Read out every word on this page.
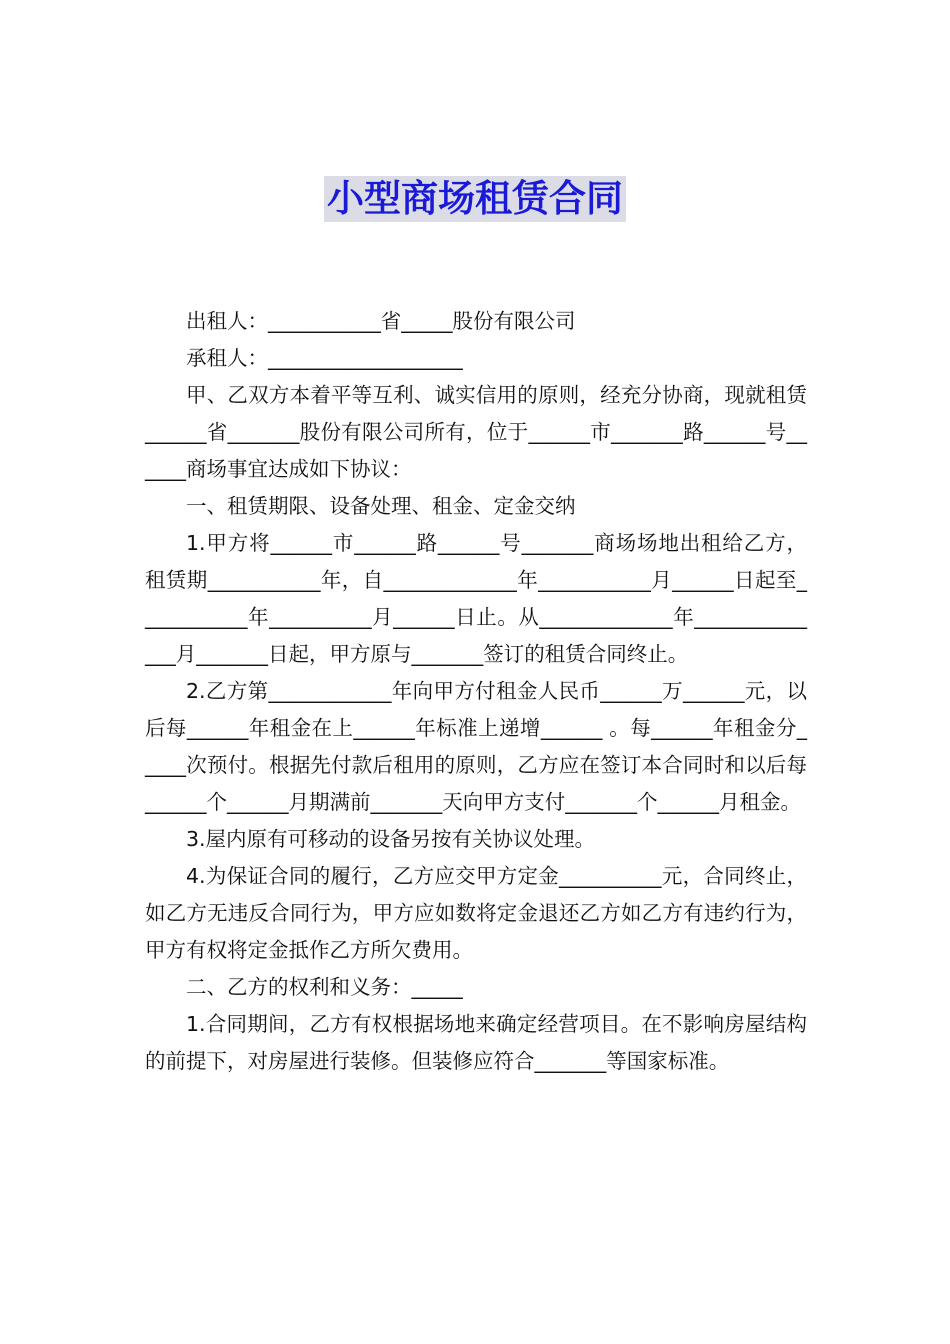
小型商场租赁合同

出租人：___________省_____股份有限公司

承租人：___________________

甲、乙双方本着平等互利、诚实信用的原则，经充分协商，现就租赁______省_______股份有限公司所有，位于______市_______路______号______商场事宜达成如下协议：

一、租赁期限、设备处理、租金、定金交纳

1.甲方将______市______路______号_______商场场地出租给乙方，租赁期___________年，自_____________年___________月______日起至___________年__________月______日止。从_____________年______________月_______日起，甲方原与_______签订的租赁合同终止。

2.乙方第____________年向甲方付租金人民币______万______元，以后每______年租金在上______年标准上递增______ 。每______年租金分_____次预付。根据先付款后租用的原则，乙方应在签订本合同时和以后每______个______月期满前_______天向甲方支付_______个______月租金。

3.屋内原有可移动的设备另按有关协议处理。

4.为保证合同的履行，乙方应交甲方定金__________元，合同终止，如乙方无违反合同行为，甲方应如数将定金退还乙方如乙方有违约行为，甲方有权将定金抵作乙方所欠费用。

二、乙方的权利和义务：_____

1.合同期间，乙方有权根据场地来确定经营项目。在不影响房屋结构的前提下，对房屋进行装修。但装修应符合_______等国家标准。
